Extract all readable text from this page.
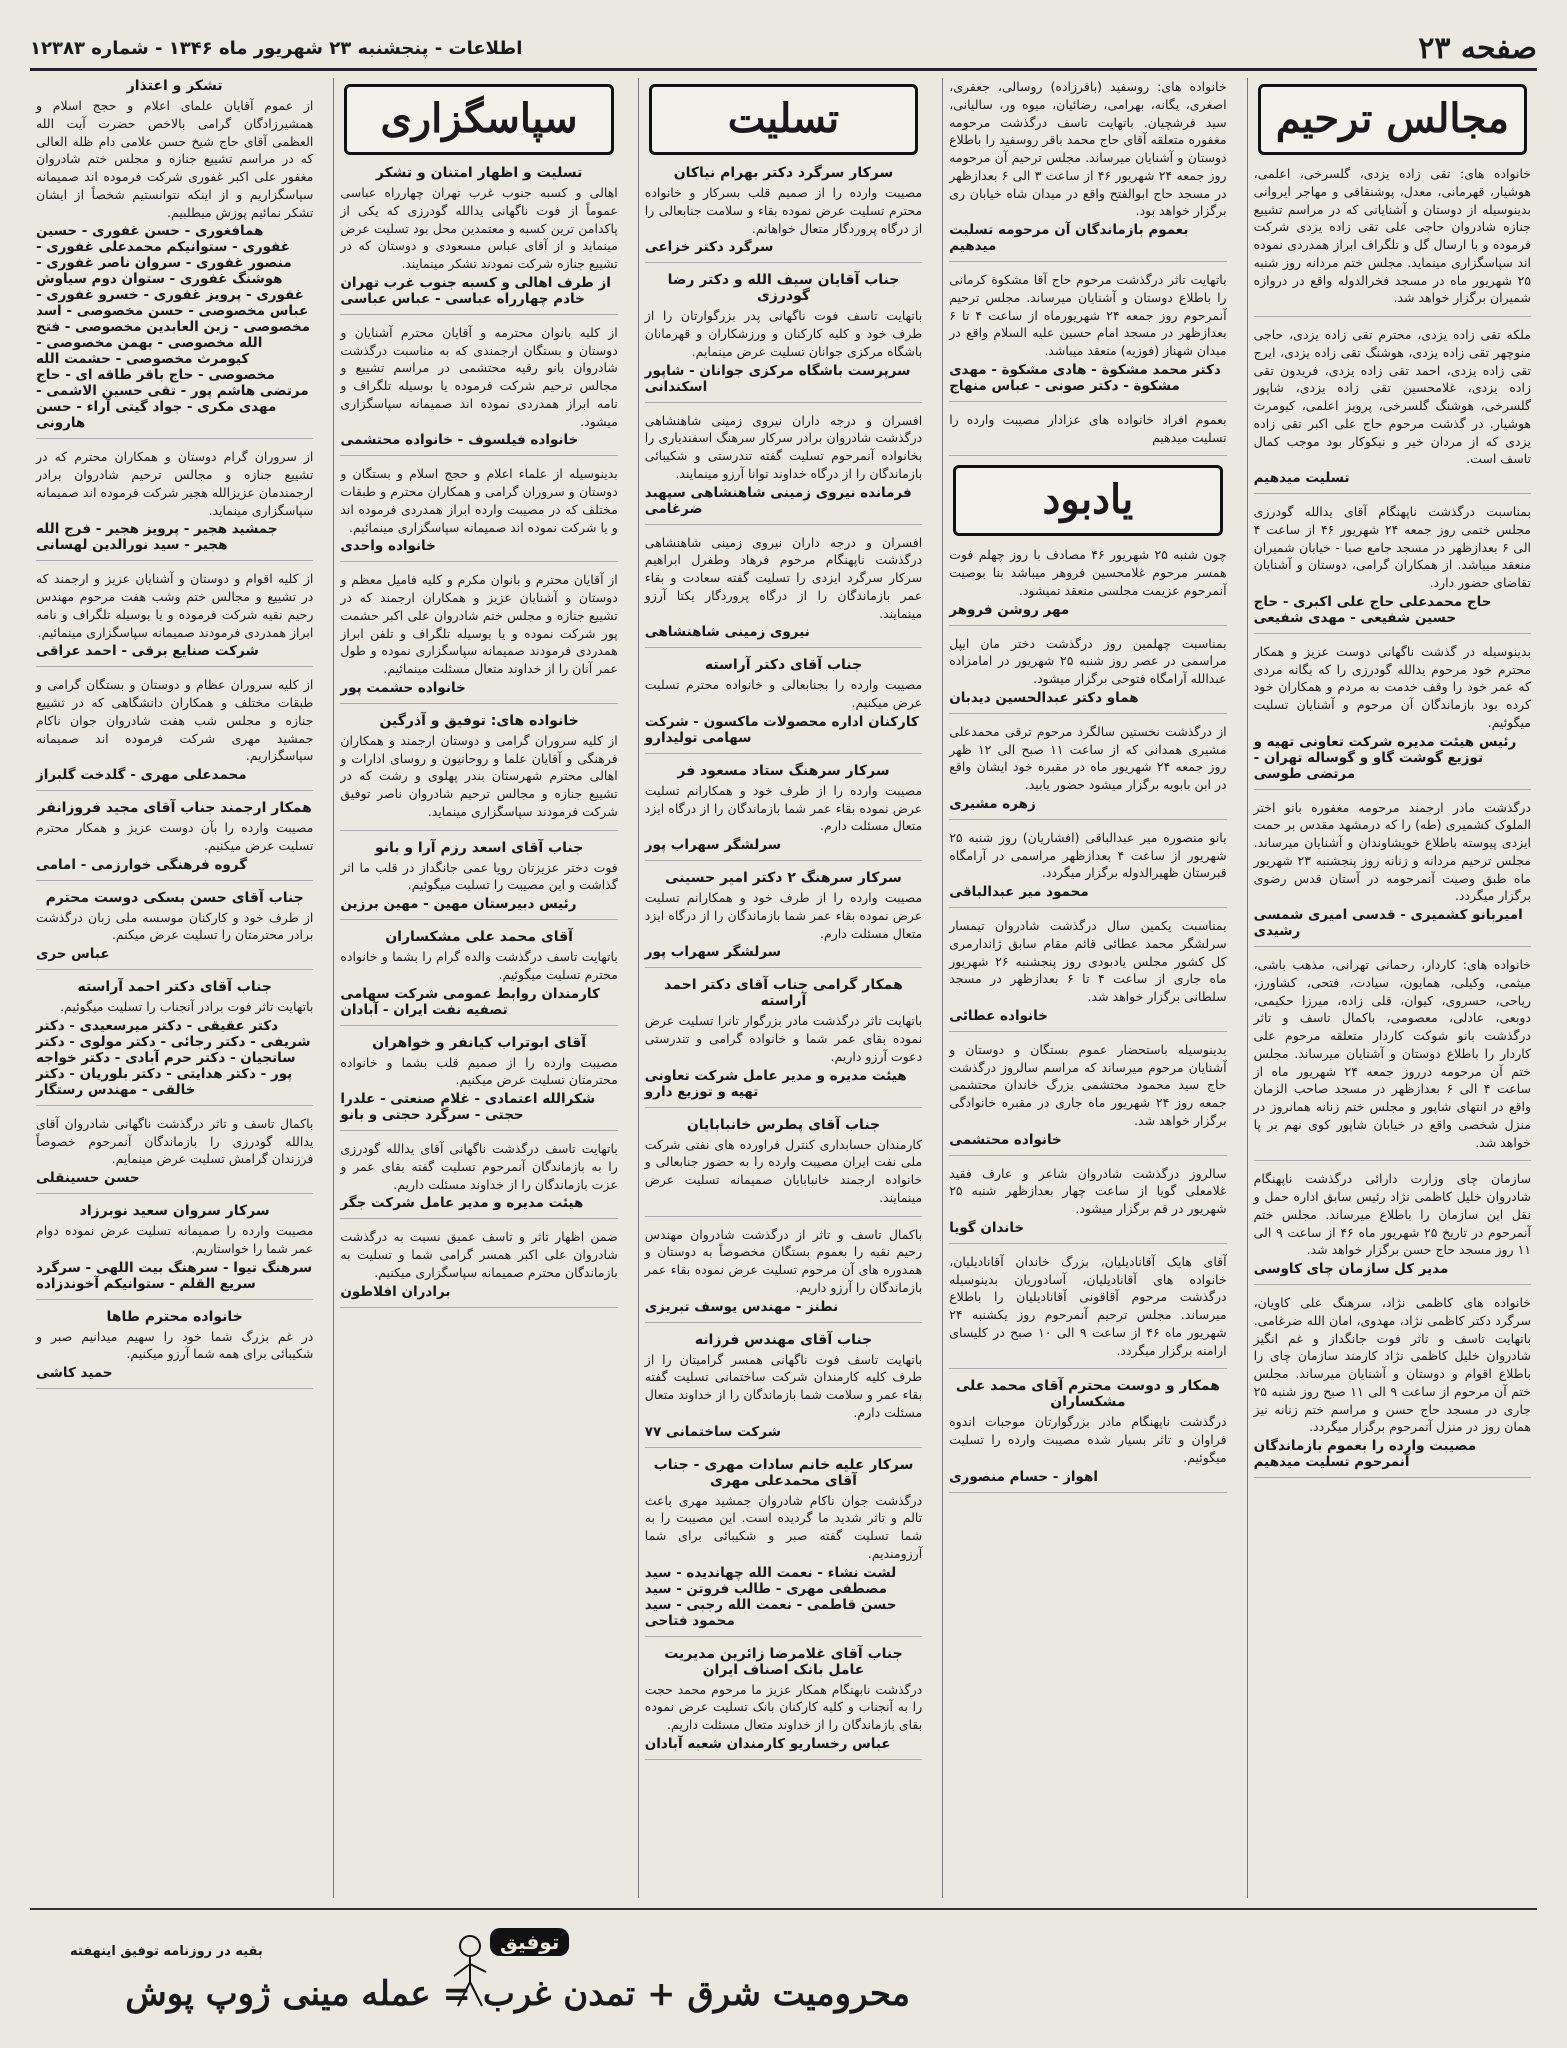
صفحه ۲۳
اطلاعات - پنجشنبه ۲۳ شهریور ماه ۱۳۴۶ - شماره ۱۲۳۸۳
مجالس ترحیم

خانواده های: تقی زاده یزدی، گلسرخی، اعلمی، هوشیار، قهرمانی، معدل، پوشنقافی و مهاجر ایروانی بدینوسیله از دوستان و آشنایانی که در مراسم تشییع جنازه شادروان حاجی علی تقی زاده یزدی شرکت فرموده و با ارسال گل و تلگراف ابراز همدردی نموده اند سپاسگزاری مینماید. مجلس ختم مردانه روز شنبه ۲۵ شهریور ماه در مسجد فخرالدوله واقع در دروازه شمیران برگزار خواهد شد.

ملکه تقی زاده یزدی، محترم تقی زاده یزدی، حاجی منوچهر تقی زاده یزدی، هوشنگ تقی زاده یزدی، ایرج تقی زاده یزدی، احمد تقی زاده یزدی، فریدون تقی زاده یزدی، غلامحسین تقی زاده یزدی، شاپور گلسرخی، هوشنگ گلسرخی، پرویز اعلمی، کیومرث هوشیار. در گذشت مرحوم حاج علی اکبر تقی زاده یزدی که از مردان خیر و نیکوکار بود موجب کمال تاسف است.

تسلیت میدهیم

بمناسبت درگذشت ناپهنگام آقای یدالله گودرزی مجلس ختمی روز جمعه ۲۴ شهریور ۴۶ از ساعت ۴ الی ۶ بعدازظهر در مسجد جامع صبا - خیابان شمیران منعقد میباشد. از همکاران گرامی، دوستان و آشنایان تقاضای حضور دارد.

حاج محمدعلی حاج علی اکبری - حاج حسین شفیعی - مهدی شفیعی

بدینوسیله در گذشت ناگهانی دوست عزیز و همکار محترم خود مرحوم یدالله گودرزی را که یگانه مردی که عمر خود را وقف خدمت به مردم و همکاران خود کرده بود بازماندگان آن مرحوم و آشنایان تسلیت میگوئیم.

رئیس هیئت مدیره شرکت تعاونی تهیه و توزیع گوشت گاو و گوساله تهران - مرتضی طوسی

درگذشت مادر ارجمند مرحومه مغفوره بانو اختر الملوک کشمیری (طه) را که درمشهد مقدس بر حمت ایزدی پیوسته باطلاع خویشاوندان و آشنایان میرساند. مجلس ترحیم مردانه و زنانه روز پنجشنبه ۲۳ شهریور ماه طبق وصیت آنمرحومه در آستان قدس رضوی برگزار میگردد.

امیربانو کشمیری - قدسی امیری شمسی رشیدی

خانواده های: کاردار، رحمانی تهرانی، مذهب باشی، میثمی، وکیلی، همایون، سیادت، فتحی، کشاورز، ریاحی، حسروی، کیوان، قلی زاده، میرزا حکیمی، دوبعی، عادلی، معصومی، باکمال تاسف و تاثر درگذشت بانو شوکت کاردار متعلقه مرحوم علی کاردار را باطلاع دوستان و آشنایان میرساند. مجلس ختم آن مرحومه درروز جمعه ۲۴ شهریور ماه از ساعت ۴ الی ۶ بعدازظهر در مسجد صاحب الزمان واقع در انتهای شاپور و مجلس ختم زنانه همانروز در منزل شخصی واقع در خیابان شاپور کوی نهم بر پا خواهد شد.

سازمان چای وزارت دارائی درگذشت ناپهنگام شادروان خلیل کاظمی نژاد رئیس سابق اداره حمل و نقل این سازمان را باطلاع میرساند. مجلس ختم آنمرحوم در تاریخ ۲۵ شهریور ماه ۴۶ از ساعت ۹ الی ۱۱ روز مسجد حاج حسن برگزار خواهد شد.

مدیر کل سازمان چای کاوسی

خانواده های کاظمی نژاد، سرهنگ علی کاویان، سرگرد دکتر کاظمی نژاد، مهدوی، امان الله ضرغامی. باتهایت تاسف و تاثر فوت جانگداز و غم انگیز شادروان خلیل کاظمی نژاد کارمند سازمان چای را باطلاع اقوام و دوستان و آشنایان میرساند. مجلس ختم آن مرحوم از ساعت ۹ الی ۱۱ صبح روز شنبه ۲۵ جاری در مسجد حاج حسن و مراسم ختم زنانه نیز همان روز در منزل آنمرحوم برگزار میگردد.

مصیبت وارده را بعموم بازماندگان آنمرحوم تسلیت میدهیم

خانواده های: روسفید (باقرزاده) روسالی، جعفری، اصغری، یگانه، بهرامی، رضائیان، میوه ور، سالیانی، سید فرشچیان. باتهایت تاسف درگذشت مرحومه مغفوره متعلقه آقای حاج محمد باقر روسفید را باطلاع دوستان و آشنایان میرساند. مجلس ترحیم آن مرحومه روز جمعه ۲۴ شهریور ۴۶ از ساعت ۳ الی ۶ بعدازظهر در مسجد حاج ابوالفتح واقع در میدان شاه خیابان ری برگزار خواهد بود.

بعموم بازماندگان آن مرحومه تسلیت میدهیم

باتهایت تاثر درگذشت مرحوم حاج آقا مشکوة کرمانی را باطلاع دوستان و آشنایان میرساند. مجلس ترحیم آنمرحوم روز جمعه ۲۴ شهریورماه از ساعت ۴ تا ۶ بعدازظهر در مسجد امام حسین علیه السلام واقع در میدان شهناز (فوزیه) منعقد میباشد.

دکتر محمد مشکوة - هادی مشکوة - مهدی مشکوة - دکتر صونی - عباس منهاج

بعموم افراد خانواده های عزادار مصیبت وارده را تسلیت میدهیم

یادبود

چون شنبه ۲۵ شهریور ۴۶ مصادف با روز چهلم فوت همسر مرحوم غلامحسین فروهر میباشد بنا بوصیت آنمرحوم عزیمت مجلسی منعقد نمیشود.

مهر روشن فروهر

بمناسبت چهلمین روز درگذشت دختر مان ایپل مراسمی در عصر روز شنبه ۲۵ شهریور در امامزاده عبدالله آرامگاه فتوحی برگزار میشود.

هماو دکتر عبدالحسین دیدبان

از درگذشت نخستین سالگرد مرحوم ترقی محمدعلی مشیری همدانی که از ساعت ۱۱ صبح الی ۱۲ ظهر روز جمعه ۲۴ شهریور ماه در مقبره خود ایشان واقع در ابن بابویه برگزار میشود حضور یابید.

زهره مشیری

بانو منصوره میر عبدالباقی (افشاریان) روز شنبه ۲۵ شهریور از ساعت ۴ بعدازظهر مراسمی در آرامگاه قبرستان ظهیرالدوله برگزار میگردد.

محمود میر عبدالباقی

بمناسبت یکمین سال درگذشت شادروان تیمسار سرلشگر محمد عطائی قائم مقام سابق ژاندارمری کل کشور مجلس یادبودی روز پنجشنبه ۲۶ شهریور ماه جاری از ساعت ۴ تا ۶ بعدازظهر در مسجد سلطانی برگزار خواهد شد.

خانواده عطائی

بدینوسیله باستحضار عموم بستگان و دوستان و آشنایان مرحوم میرساند که مراسم سالروز درگذشت حاج سید محمود محتشمی بزرگ خاندان محتشمی جمعه روز ۲۴ شهریور ماه جاری در مقبره خانوادگی برگزار خواهد شد.

خانواده محتشمی

سالروز درگذشت شادروان شاعر و عارف فقید غلامعلی گویا از ساعت چهار بعدازظهر شنبه ۲۵ شهریور در قم برگزار میشود.

خاندان گویا

آقای هایک آقانادیلیان، بزرگ خاندان آقانادیلیان، خانواده های آقانادیلیان، آسادوریان بدینوسیله درگذشت مرحوم آقاقونی آقانادیلیان را باطلاع میرساند. مجلس ترحیم آنمرحوم روز یکشنبه ۲۴ شهریور ماه ۴۶ از ساعت ۹ الی ۱۰ صبح در کلیسای ارامنه برگزار میگردد.

همکار و دوست محترم آقای محمد علی مشکساران

درگذشت ناپهنگام مادر بزرگوارتان موجبات اندوه فراوان و تاثر بسیار شده مصیبت وارده را تسلیت میگوئیم.

اهواز - حسام منصوری
تسلیت
سرکار سرگرد دکتر بهرام نیاکان

مصیبت وارده را از صمیم قلب بسرکار و خانواده محترم تسلیت عرض نموده بقاء و سلامت جنابعالی را از درگاه پروردگار متعال خواهانم.

سرگرد دکتر خزاعی
جناب آقایان سیف الله و دکتر رضا گودرزی

باتهایت تاسف فوت ناگهانی پدر بزرگوارتان را از طرف خود و کلیه کارکنان و ورزشکاران و قهرمانان باشگاه مرکزی جوانان تسلیت عرض مینمایم.

سرپرست باشگاه مرکزی جوانان - شاپور اسکندانی

افسران و درجه داران نیروی زمینی شاهنشاهی درگذشت شادروان برادر سرکار سرهنگ اسفندیاری را بخانواده آنمرحوم تسلیت گفته تندرستی و شکیبائی بازماندگان را از درگاه خداوند توانا آرزو مینمایند.

فرمانده نیروی زمینی شاهنشاهی سپهبد ضرغامی

افسران و درجه داران نیروی زمینی شاهنشاهی درگذشت ناپهنگام مرحوم فرهاد وطفرل ابراهیم سرکار سرگرد ایزدی را تسلیت گفته سعادت و بقاء عمر بازماندگان را از درگاه پروردگار یکتا آرزو مینمایند.

نیروی زمینی شاهنشاهی
جناب آقای دکتر آراسته

مصیبت وارده را بجنابعالی و خانواده محترم تسلیت عرض میکنیم.

کارکنان اداره محصولات ماکسون - شرکت سهامی تولیدارو
سرکار سرهنگ ستاد مسعود فر

مصیبت وارده را از طرف خود و همکارانم تسلیت عرض نموده بقاء عمر شما بازماندگان را از درگاه ایزد متعال مسئلت دارم.

سرلشگر سهراب پور
سرکار سرهنگ ۲ دکتر امیر حسینی

مصیبت وارده را از طرف خود و همکارانم تسلیت عرض نموده بقاء عمر شما بازماندگان را از درگاه ایزد متعال مسئلت دارم.

سرلشگر سهراب پور
همکار گرامی جناب آقای دکتر احمد آراسته

باتهایت تاثر درگذشت مادر بزرگوار تانرا تسلیت عرض نموده بقای عمر شما و خانواده گرامی و تندرستی دعوت آرزو داریم.

هیئت مدیره و مدیر عامل شرکت تعاونی تهیه و توزیع دارو
جناب آقای پطرس خانبابایان

کارمندان حسابداری کنترل فراورده های نفتی شرکت ملی نفت ایران مصیبت وارده را به حضور جنابعالی و خانواده ارجمند خانبابایان صمیمانه تسلیت عرض مینمایند.

باکمال تاسف و تاثر از درگذشت شادروان مهندس رحیم نقیه را بعموم بستگان مخصوصاً به دوستان و همدوره های آن مرحوم تسلیت عرض نموده بقاء عمر بازماندگان را آرزو داریم.

نطنز - مهندس یوسف تبریزی
جناب آقای مهندس فرزانه

باتهایت تاسف فوت ناگهانی همسر گرامیتان را از طرف کلیه کارمندان شرکت ساختمانی تسلیت گفته بقاء عمر و سلامت شما بازماندگان را از خداوند متعال مسئلت دارم.

شرکت ساختمانی ۷۷
سرکار علیه خانم سادات مهری - جناب آقای محمدعلی مهری

درگذشت جوان ناکام شادروان جمشید مهری باعث تالم و تاثر شدید ما گردیده است. این مصیبت را به شما تسلیت گفته صبر و شکیبائی برای شما آرزومندیم.

لشت نشاء - نعمت الله چهاندیده - سید مصطفی مهری - طالب فروتن - سید حسن قاطمی - نعمت الله رجبی - سید محمود فتاحی
جناب آقای غلامرضا زائرین مدیریت عامل بانک اصناف ایران

درگذشت نابهنگام همکار عزیز ما مرحوم محمد حجت را به آنجناب و کلیه کارکنان بانک تسلیت عرض نموده بقای بازماندگان را از خداوند متعال مسئلت داریم.

عباس رخساریو کارمندان شعبه آبادان
سپاسگزاری
تسلیت و اظهار امتنان و تشکر

اهالی و کسبه جنوب غرب تهران چهارراه عباسی عموماً از فوت ناگهانی یدالله گودرزی که یکی از پاکدامن ترین کسبه و معتمدین محل بود تسلیت عرض مینماید و از آقای عباس مسعودی و دوستان که در تشییع جنازه شرکت نمودند تشکر مینمایند.

از طرف اهالی و کسبه جنوب غرب تهران خادم چهارراه عباسی - عباس عباسی

از کلیه بانوان محترمه و آقایان محترم آشنایان و دوستان و بستگان ارجمندی که به مناسبت درگذشت شادروان بانو رقیه محتشمی در مراسم تشییع و مجالس ترحیم شرکت فرموده یا بوسیله تلگراف و نامه ابراز همدردی نموده اند صمیمانه سپاسگزاری میشود.

خانواده فیلسوف - خانواده محتشمی

بدینوسیله از علماء اعلام و حجج اسلام و بستگان و دوستان و سروران گرامی و همکاران محترم و طبقات مختلف که در مصیبت وارده ابراز همدردی فرموده اند و یا شرکت نموده اند صمیمانه سپاسگزاری مینمائیم.

خانواده واحدی

از آقایان محترم و بانوان مکرم و کلیه فامیل معظم و دوستان و آشنایان عزیز و همکاران ارجمند که در تشییع جنازه و مجلس ختم شادروان علی اکبر حشمت پور شرکت نموده و یا بوسیله تلگراف و تلفن ابراز همدردی فرمودند صمیمانه سپاسگزاری نموده و طول عمر آنان را از خداوند متعال مسئلت مینمائیم.

خانواده حشمت پور
خانواده های: توفیق و آذرگین

از کلیه سروران گرامی و دوستان ارجمند و همکاران فرهنگی و آقایان علما و روحانیون و روسای ادارات و اهالی محترم شهرستان بندر پهلوی و رشت که در تشییع جنازه و مجالس ترحیم شادروان ناصر توفیق شرکت فرمودند سپاسگزاری مینماید.

جناب آقای اسعد رزم آرا و بانو

فوت دختر عزیزتان رویا عمی جانگداز در قلب ما اثر گذاشت و این مصیبت را تسلیت میگوئیم.

رئیس دبیرستان مهین - مهین برزین
آقای محمد علی مشکساران

باتهایت تاسف درگذشت والده گرام را بشما و خانواده محترم تسلیت میگوئیم.

کارمندان روابط عمومی شرکت سهامی تصفیه نفت ایران - آبادان
آقای ابوتراب کیانفر و خواهران

مصیبت وارده را از صمیم قلب بشما و خانواده محترمتان تسلیت عرض میکنیم.

شکرالله اعتمادی - غلام صنعتی - علدرا حجتی - سرگرد حجتی و بانو

باتهایت تاسف درگذشت ناگهانی آقای یدالله گودرزی را به بازماندگان آنمرحوم تسلیت گفته بقای عمر و عزت بازماندگان را از خداوند مسئلت داریم.

هیئت مدیره و مدیر عامل شرکت جگر

ضمن اظهار تاثر و تاسف عمیق نسبت به درگذشت شادروان علی اکبر همسر گرامی شما و تسلیت به بازماندگان محترم صمیمانه سپاسگزاری میکنیم.

برادران افلاطون
تشکر و اعتذار

از عموم آقایان علمای اعلام و حجج اسلام و همشیرزادگان گرامی بالاخص حضرت آیت الله العظمی آقای حاج شیخ حسن علامی دام ظله العالی که در مراسم تشییع جنازه و مجلس ختم شادروان مغفور علی اکبر غفوری شرکت فرموده اند صمیمانه سپاسگزاریم و از اینکه نتوانستیم شخصاً از ایشان تشکر نمائیم پوزش میطلبیم.

همافغوری - حسن غفوری - حسین غفوری - ستوانیکم محمدعلی غفوری - منصور غفوری - سروان ناصر غفوری - هوشنگ غفوری - ستوان دوم سیاوش غفوری - پرویز غفوری - خسرو غفوری - عباس مخصوصی - حسن مخصوصی - اسد مخصوصی - زین العابدین مخصوصی - فتح الله مخصوصی - بهمن مخصوصی - کیومرث مخصوصی - حشمت الله مخصوصی - حاج باقر طاقه ای - حاج مرتضی هاشم پور - تقی حسین الاشمی - مهدی مکری - جواد گیتی آراء - حسن هارونی

از سروران گرام دوستان و همکاران محترم که در تشییع جنازه و مجالس ترحیم شادروان برادر ارجمندمان عزیزالله هجیر شرکت فرموده اند صمیمانه سپاسگزاری مینماید.

جمشید هجیر - پرویز هجیر - فرج الله هجیر - سید نورالدین لهسانی

از کلیه اقوام و دوستان و آشنایان عزیز و ارجمند که در تشییع و مجالس ختم وشب هفت مرحوم مهندس رحیم نقیه شرکت فرموده و یا بوسیله تلگراف و نامه ابراز همدردی فرمودند صمیمانه سپاسگزاری مینمائیم.

شرکت صنایع برقی - احمد عراقی

از کلیه سروران عظام و دوستان و بستگان گرامی و طبقات مختلف و همکاران دانشگاهی که در تشییع جنازه و مجلس شب هفت شادروان جوان ناکام جمشید مهری شرکت فرموده اند صمیمانه سپاسگزاریم.

محمدعلی مهری - گلدخت گلبراز
همکار ارجمند جناب آقای مجید فروزانفر

مصیبت وارده را بآن دوست عزیز و همکار محترم تسلیت عرض میکنیم.

گروه فرهنگی خوارزمی - امامی
جناب آقای حسن بسکی دوست محترم

از طرف خود و کارکنان موسسه ملی زبان درگذشت برادر محترمتان را تسلیت عرض میکنم.

عباس حری
جناب آقای دکتر احمد آراسته

باتهایت تاثر فوت برادر آنجناب را تسلیت میگوئیم.

دکتر عقیقی - دکتر میرسعیدی - دکتر شریفی - دکتر رجائی - دکتر مولوی - دکتر ساتجیان - دکتر حرم آبادی - دکتر خواجه پور - دکتر هدایتی - دکتر بلوریان - دکتر خالقی - مهندس رستگار

باکمال تاسف و تاثر درگذشت ناگهانی شادروان آقای یدالله گودرزی را بازماندگان آنمرحوم خصوصاً فرزندان گرامش تسلیت عرض مینمایم.

حسن حسینقلی
سرکار سروان سعید نوبرزاد

مصیبت وارده را صمیمانه تسلیت عرض نموده دوام عمر شما را خواستاریم.

سرهنگ تیوا - سرهنگ بیت اللهی - سرگرد سریع القلم - ستوانیکم آخوندزاده
خانواده محترم طاها

در غم بزرگ شما خود را سهیم میدانیم صبر و شکیبائی برای همه شما آرزو میکنیم.

حمید کاشی
توفیق
محرومیت شرق + تمدن غرب = عمله مینی ژوپ پوش
بقیه در روزنامه توفیق اینهفته
